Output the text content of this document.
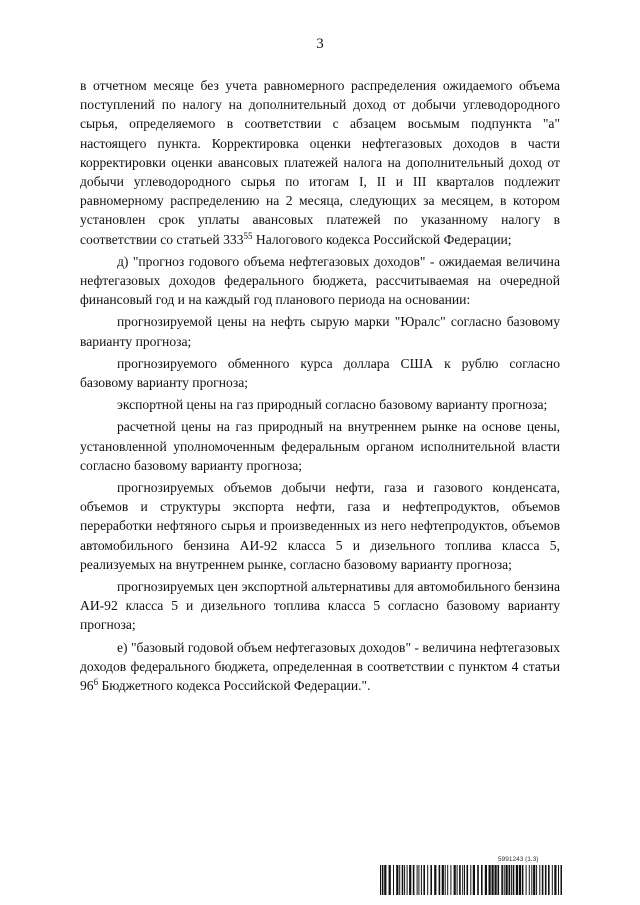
3

в отчетном месяце без учета равномерного распределения ожидаемого объема поступлений по налогу на дополнительный доход от добычи углеводородного сырья, определяемого в соответствии с абзацем восьмым подпункта "а" настоящего пункта. Корректировка оценки нефтегазовых доходов в части корректировки оценки авансовых платежей налога на дополнительный доход от добычи углеводородного сырья по итогам I, II и III кварталов подлежит равномерному распределению на 2 месяца, следующих за месяцем, в котором установлен срок уплаты авансовых платежей по указанному налогу в соответствии со статьей $333^{55}$ Налогового кодекса Российской Федерации;

д) "прогноз годового объема нефтегазовых доходов" - ожидаемая величина нефтегазовых доходов федерального бюджета, рассчитываемая на очередной финансовый год и на каждый год планового периода на основании:

прогнозируемой цены на нефть сырую марки "Юралс" согласно базовому варианту прогноза;

прогнозируемого обменного курса доллара США к рублю согласно базовому варианту прогноза;

экспортной цены на газ природный согласно базовому варианту прогноза;

расчетной цены на газ природный на внутреннем рынке на основе цены, установленной уполномоченным федеральным органом исполнительной власти согласно базовому варианту прогноза;

прогнозируемых объемов добычи нефти, газа и газового конденсата, объемов и структуры экспорта нефти, газа и нефтепродуктов, объемов переработки нефтяного сырья и произведенных из него нефтепродуктов, объемов автомобильного бензина АИ-92 класса 5 и дизельного топлива класса 5, реализуемых на внутреннем рынке, согласно базовому варианту прогноза;

прогнозируемых цен экспортной альтернативы для автомобильного бензина АИ-92 класса 5 и дизельного топлива класса 5 согласно базовому варианту прогноза;

е) "базовый годовой объем нефтегазовых доходов" - величина нефтегазовых доходов федерального бюджета, определенная в соответствии с пунктом 4 статьи $96^6$ Бюджетного кодекса Российской Федерации.".

5991243 (1.3)
